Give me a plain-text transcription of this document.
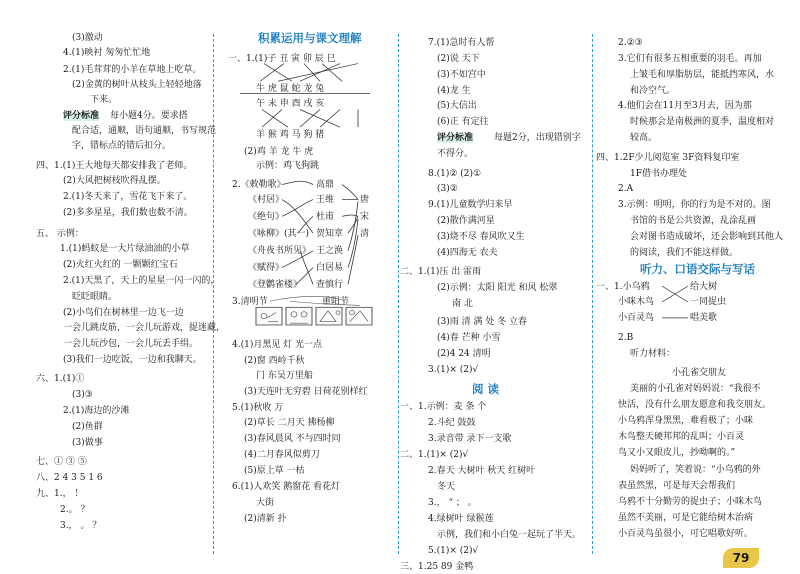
(3)激动
4.(1)映衬 匆匆忙忙地
2.(1)毛茸茸的小羊在草地上吃草。
(2)金黄的树叶从枝头上轻轻地落
下来。
每小题4分。要求搭
配合适，通顺，语句通顺，书写规范
字，错标点的错后扣分。
四、1.(1)王大地每天都安排我了老师。
(2)大风把树枝吹得乱摆。
2.(1)冬天来了，雪花飞下来了。
(2)多多星星，我们数也数不清。
五、 示例：
1.(1)蚂蚁是一大片绿油油的小草
(2)火红火红的 一颗颗红宝石
2.(1)天黑了，天上的星星一闪一闪的，
眨眨眼睛。
(2)小鸟们在树林里一边飞一边
一会儿跳皮筋，一会儿玩游戏，捉迷藏，
一会儿玩沙包，一会儿玩丢手绢。
(3)我们一边吃饭，一边和我聊天。
六、1.(1)①
(3)③
2.(1)海边的沙滩
(2)鱼群
(3)做事
七、① ③ ⑤
八、2 4 3 5 1 6
九、1.， ！
2.。 ？
3.， 。 ？
一、1.(1)子 丑 寅 卯 辰 巳
牛 虎 鼠 蛇 龙 兔
午 未 申 酉 戌 亥
羊 猴 鸡 马 狗 猪
(2)鸡 羊 龙 牛 虎
示例：鸡飞狗跳
2.《敕勒歌》
《村居》
《绝句》
《咏柳》(其一)
《舟夜书所见》
《赋得》
《登鹳雀楼》
高鼎
王维
杜甫
贺知章
王之涣
白居易
查慎行
唐
宋
清
3.清明节	重阳节
4.(1)月黑见 灯 光一点
(2)窗 西岭千秋
门 东吴万里船
(3)天连叶无穷碧 日荷花别样红
5.(1)秋收 万
(2)草长 二月天 拂杨柳
(3)春风晨风 不与四时同
(4)二月春风似剪刀
(5)原上草 一枯
6.(1)人欢笑 鹅窗花 看花灯
大街
(2)清新 扑
7.(1)急时有人帮
(2)说 天下
(3)不如宫中
(4)龙 生
(5)大信出
(6)正 有定往
每题2分，出现错别字
不得分。
8.(1)② (2)①
(3)②
9.(1)儿童数学归来早
(2)散作满河星
(3)烧不尽 春风吹又生
(4)四海无 农夫
二、1.(1)压 出 雷雨
(2)示例：太阳 阳光 和风 松翠
南 北
(3)雨 清 满 处 冬 立春
(4)春 芒种 小雪
(2)4 24 清明
3.(1)× (2)√
一、1.示例：麦 条 个
2.斗纪 鼓鼓
3.录音带 录下一支歌
二、1.(1)× (2)√
2.春天 大树叶 秋天 红树叶
冬天
3.， “ ； 。
4.绿树叶 绿猴莲
示例，我们和小白兔一起玩了半天。
5.(1)× (2)√
三、1.25 89 金鸭
2.②③
3.它们有很多五相重要的羽毛。再加
上皱毛和厚脂肪层，能抵挡寒风，水
和冷空气。
4.他们会在11月至3月去，因为那
时候那会是南极洲的夏季，温度相对
较高。
四、1.2F少儿阅览室 3F资料复印室
1F借书办理处
2.A
3.示例：明明，你的行为是不对的。图
书馆的书是公共资源，乱涂乱画
会对图书造成破坏，还会影响到其他人
的阅读，我们不能这样做。
一、1.小乌鸦
小咪木鸟
小百灵鸟
给大树
一同捉虫
唱美歌
2.B
听力材料：
小孔雀交朋友
美丽的小孔雀对妈妈说：“我很不
快活，没有什么朋友愿意和我交朋友。
小乌鸦浑身黑黑，难看极了；小咪
木鸟整天硬邦邦的乱叫；小百灵
鸟又小又眼皮儿，抄呦啊的。”
妈妈听了，笑着说：“小乌鸦的外
表虽然黑，可是每天会帮我们
乌鸦不十分勤劳的捉虫子；小咪木鸟
虽然不美丽，可是它能给树木治病
小百灵鸟虽很小，可它唱歌好听。
评分标准
评分标准
积累运用与课文理解
阅 读
听力、口语交际与写话
79
